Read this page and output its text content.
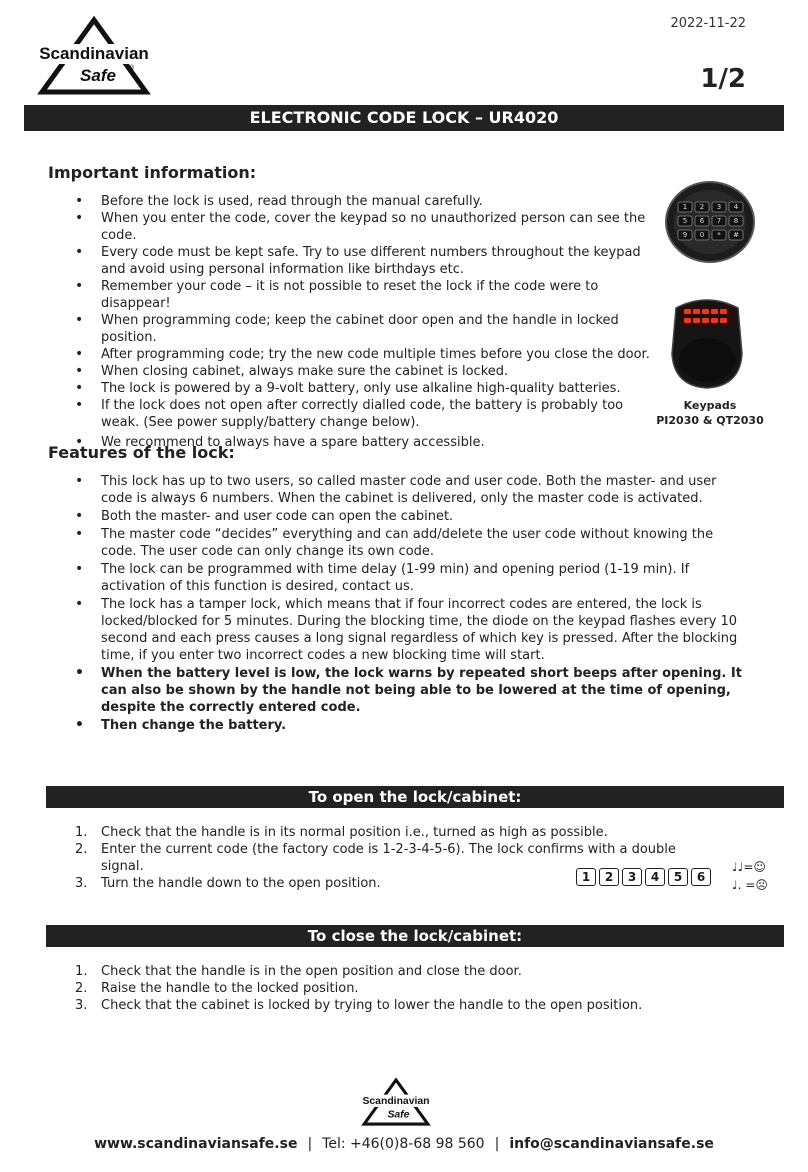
2022-11-22
1/2
Scandinavian
Safe ®
ELECTRONIC CODE LOCK – UR4020
Important information:
• Before the lock is used, read through the manual carefully.
• When you enter the code, cover the keypad so no unauthorized person can see the code.
• Every code must be kept safe. Try to use different numbers throughout the keypad and avoid using personal information like birthdays etc.
• Remember your code – it is not possible to reset the lock if the code were to disappear!
• When programming code; keep the cabinet door open and the handle in locked position.
• After programming code; try the new code multiple times before you close the door.
• When closing cabinet, always make sure the cabinet is locked.
• The lock is powered by a 9-volt battery, only use alkaline high-quality batteries.
• If the lock does not open after correctly dialled code, the battery is probably too weak. (See power supply/battery change below).
• We recommend to always have a spare battery accessible.
1 2 3 4
5 6 7 8
9 0 * #
Keypads
PI2030 & QT2030
Features of the lock:
• This lock has up to two users, so called master code and user code. Both the master- and user code is always 6 numbers. When the cabinet is delivered, only the master code is activated.
• Both the master- and user code can open the cabinet.
• The master code “decides” everything and can add/delete the user code without knowing the code. The user code can only change its own code.
• The lock can be programmed with time delay (1-99 min) and opening period (1-19 min). If activation of this function is desired, contact us.
• The lock has a tamper lock, which means that if four incorrect codes are entered, the lock is locked/blocked for 5 minutes. During the blocking time, the diode on the keypad flashes every 10 second and each press causes a long signal regardless of which key is pressed. After the blocking time, if you enter two incorrect codes a new blocking time will start.
• When the battery level is low, the lock warns by repeated short beeps after opening. It can also be shown by the handle not being able to be lowered at the time of opening, despite the correctly entered code.
• Then change the battery.
To open the lock/cabinet:
1. Check that the handle is in its normal position i.e., turned as high as possible.
2. Enter the current code (the factory code is 1-2-3-4-5-6). The lock confirms with a double signal.
3. Turn the handle down to the open position.	1 2 3 4 5 6
♩♩=☺
♩. =☹
To close the lock/cabinet:
1. Check that the handle is in the open position and close the door.
2. Raise the handle to the locked position.
3. Check that the cabinet is locked by trying to lower the handle to the open position.
Scandinavian
Safe
www.scandinaviansafe.se | Tel: +46(0)8-68 98 560 | info@scandinaviansafe.se
